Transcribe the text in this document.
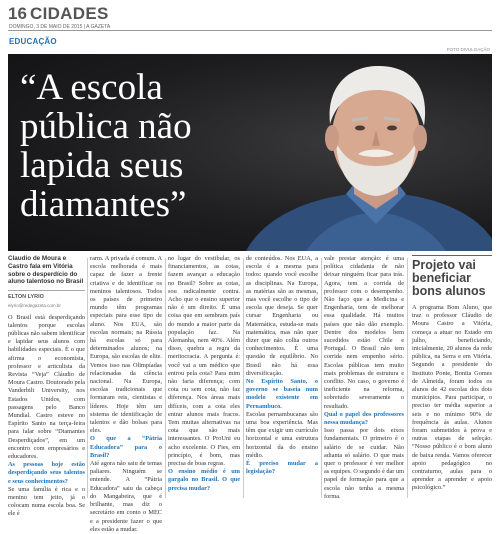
16 CIDADES
DOMINGO, 3 DE MAIO DE 2015 | A GAZETA
EDUCAÇÃO
FOTO DIVULGAÇÃO
“A escola pública não lapida seus diamantes”
Claudio de Moura e Castro fala em Vitória sobre o desperdício do aluno talentoso no Brasil
ELTON LYRIO
elyrio@redegazeta.com.br

O Brasil está desperdiçando talentos porque escolas públicas não sabem identificar e lapidar seus alunos com habilidades especiais. É o que afirma o economista, professor e articulista da Revista “Veja” Cláudio de Moura Castro. Doutorado pela Vanderbilt University, nos Estados Unidos, com passagens pelo Banco Mundial. Castro esteve no Espírito Santo na terça-feira para falar sobre “Diamantes Desperdiçados”, em um encontro com empresários e educadores.

As pessoas hoje estão desperdiçando seus talentos e seus conhecimentos?

Se uma família é rica e o menino tem jeito, já o colocam numa escola boa. Se ele é

rarm. A privada é comum. A escola melhorada é mais capaz de fazer a frente criativa e de identificar os meninos talentosos. Todos os países de primeiro mundo têm programas especiais para esse tipo de aluno. Nos EUA, são escolas normais; na Rússia há escolas só para determinados alunos; na Europa, são escolas de elite. Vemos isso nas Olimpíadas relacionadas da ciência nacional. Na Europa, escolas tradicionais que formaram reis, cientistas e líderes. Hoje têm um sistema de identificação de talentos e dão bolsas para eles.

O que a “Pátria Educadora” para o Brasil?

Até agora não saiu de temas paliares. Ninguém se entende. A “Pátria Educadora” saiu da cabeça do Mangabeira, que é brilhante, mas diz o secretário em conto o MEC e a presidente fazer o que eles estão a mudar.

no lugar do vestibular, os financiamentos, as cotas, fazem avançar a educação no Brasil? Sobre as cotas, sou radicalmente contra. Acho que o ensino superior não é um direito. É uma coisa que em sembram país do mundo a maior parte da população faz. Na Alemanha, nem 40%. Além disso, quebra a regra da meritocracia. A pergunta é: você vai a um médico que entrou pela cota? Para mim não faria diferença; com cota ou sem cota, não faz diferença. Nos áreas mais difíceis, com a cota eles entrar alunos mais fracos. Tem muitas alternativas na cota que são mais interessantes. O ProUni eu acho excelente. O Fies, em princípio, é bom, mas precisa de boas regras.

O ensino médio é um gargalo no Brasil. O que precisa mudar?

de conteúdos. Nos EUA, a escola é a mesma para todos: quando você escolhe as disciplinas. Na Europa, as matérias são as mesmas, mas você escolhe o tipo de escola que deseja. Se quer cursar Engenharia ou Matemática, estuda-se mais matemática, mas não quer dizer que não colha outros conhecimentos. É uma questão de equilíbrio. No Brasil não há essa diversificação.

No Espírito Santo, o governo se baseia num modelo existente em Pernambuco.

Escolas pernambucanas são uma boa experiência. Mas têm que exigir um currículo horizontal e uma estrutura horizontal da do ensino médio.

É preciso mudar a legislação?

vale prestar atenção: é uma política cidadania de não deixar ninguém ficar para trás. Agora, tem a corrida de professor com o desempenho. Não faço que a Medicina e Engenharia, tem de melhorar essa qualidade. Há muitos países que não dão exemplo. Dentre dos modelos bem sucedidos estão Chile e Portugal. O Brasil não tem corrida nem empenho sério. Escolas públicas tem muito mais problemas de estrutura e conflito. No caso, o governo é ineficiente na reforma, sobretudo severamente o resultado.

Qual o papel dos professores nessa mudança?

Isso passa por dois eixos fundamentais. O primeiro é o salário de se cuidar. Não adianta só salário. O que mais quer o professor é ver melhor as equipes. O segundo é dar um papel de formação para que a escola não tenha a mesma forma.

Projeto vai beneficiar bons alunos

A programa Bom Aluno, que traz o professor Cláudio de Moura Castro a Vitória, começa a atuar no Estado em julho, beneficiando, inicialmente, 20 alunos da rede pública, na Serra e em Vitória. Segundo a presidente do Instituto Ponte, Bonita Gomes de Almeida, foram todos os alunos de 42 escolas dos dois municípios. Para participar, o preciso ter média superior a seis e no mínimo 90% de frequência às aulas. Alunos foram submetidos à prova e outras etapas de seleção. “Nosso público é o bom aluno de baixa renda. Vamos oferecer apoio pedagógico no contraturno, aulas para o aprender a aprender e apoio psicológico.”
